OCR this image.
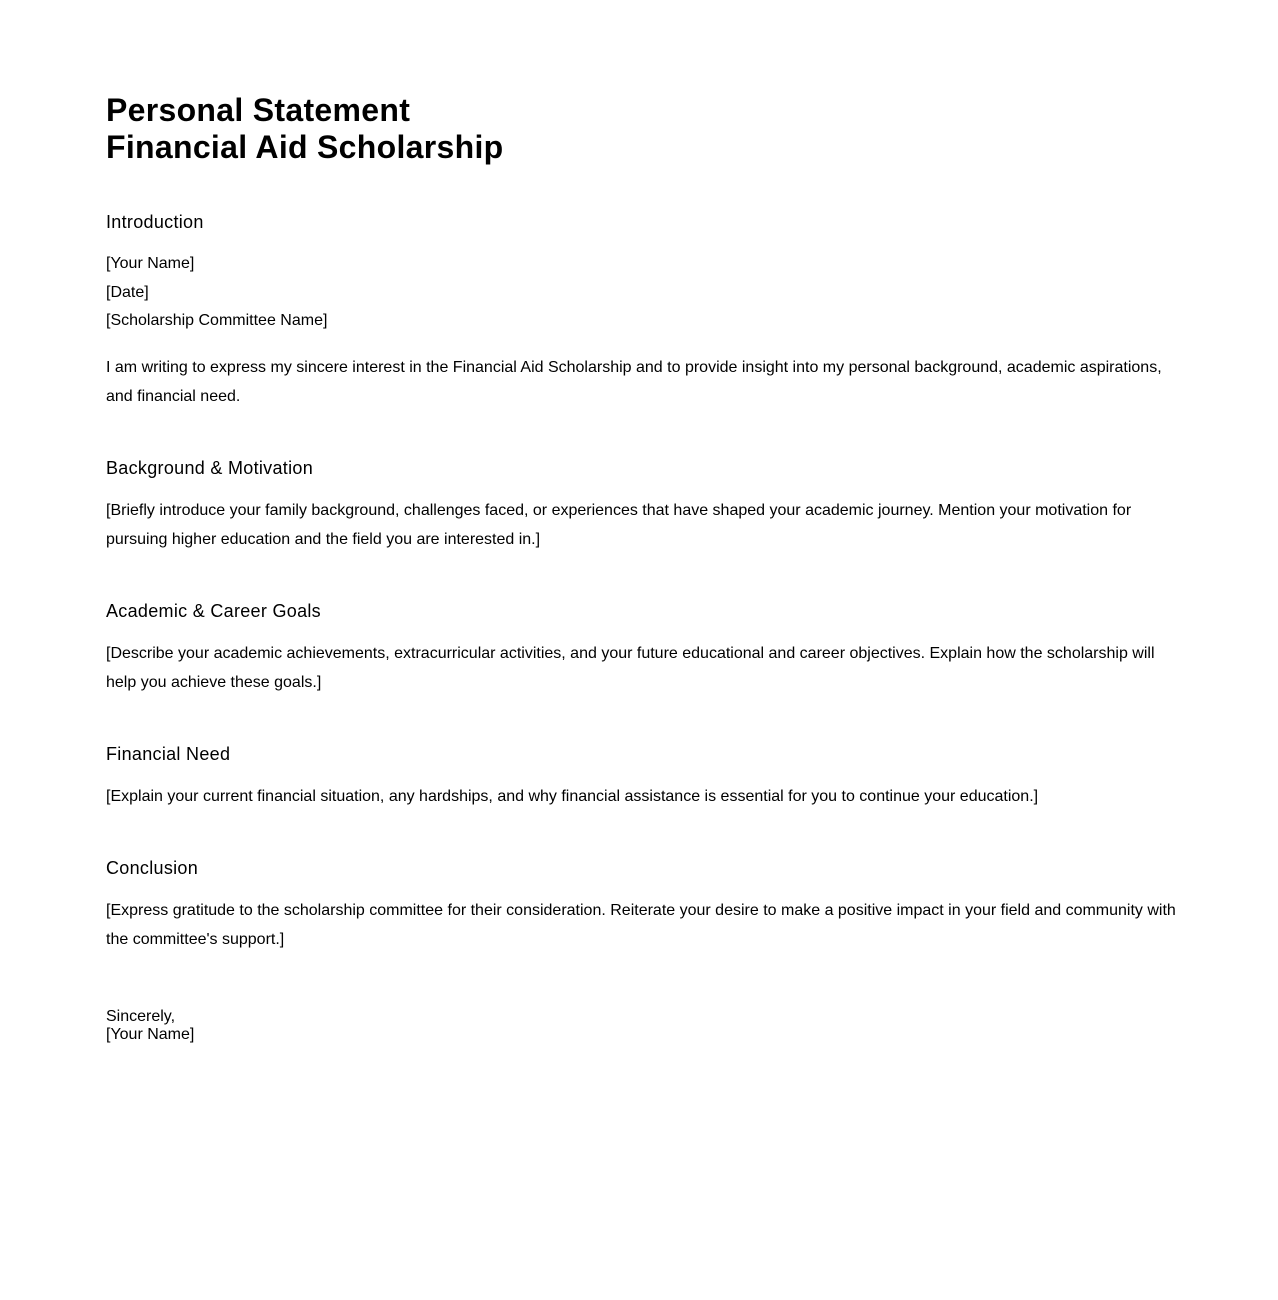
Personal Statement
Financial Aid Scholarship
Introduction
[Your Name]
[Date]
[Scholarship Committee Name]

I am writing to express my sincere interest in the Financial Aid Scholarship and to provide insight into my personal background, academic aspirations, and financial need.

Background & Motivation

[Briefly introduce your family background, challenges faced, or experiences that have shaped your academic journey. Mention your motivation for pursuing higher education and the field you are interested in.]

Academic & Career Goals

[Describe your academic achievements, extracurricular activities, and your future educational and career objectives. Explain how the scholarship will help you achieve these goals.]

Financial Need

[Explain your current financial situation, any hardships, and why financial assistance is essential for you to continue your education.]

Conclusion

[Express gratitude to the scholarship committee for their consideration. Reiterate your desire to make a positive impact in your field and community with the committee's support.]

Sincerely,
[Your Name]
